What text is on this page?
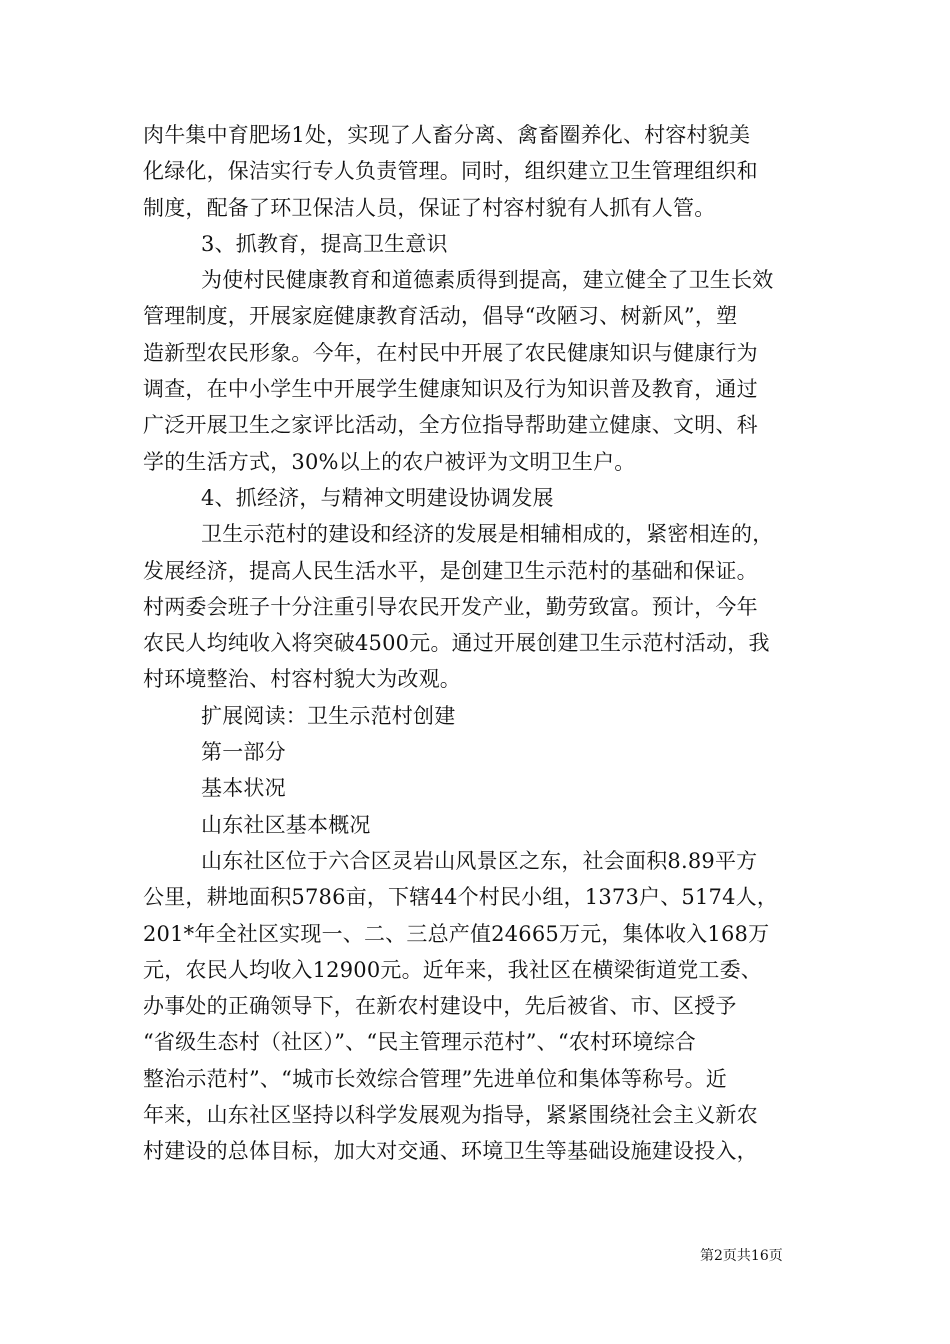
肉牛集中育肥场1处，实现了人畜分离、禽畜圈养化、村容村貌美
化绿化，保洁实行专人负责管理。同时，组织建立卫生管理组织和
制度，配备了环卫保洁人员，保证了村容村貌有人抓有人管。
3、抓教育，提高卫生意识
为使村民健康教育和道德素质得到提高，建立健全了卫生长效
管理制度，开展家庭健康教育活动，倡导“改陋习、树新风”，塑
造新型农民形象。今年，在村民中开展了农民健康知识与健康行为
调查，在中小学生中开展学生健康知识及行为知识普及教育，通过
广泛开展卫生之家评比活动，全方位指导帮助建立健康、文明、科
学的生活方式，30%以上的农户被评为文明卫生户。
4、抓经济，与精神文明建设协调发展
卫生示范村的建设和经济的发展是相辅相成的，紧密相连的，
发展经济，提高人民生活水平，是创建卫生示范村的基础和保证。
村两委会班子十分注重引导农民开发产业，勤劳致富。预计，今年
农民人均纯收入将突破4500元。通过开展创建卫生示范村活动，我
村环境整治、村容村貌大为改观。
扩展阅读：卫生示范村创建
第一部分
基本状况
山东社区基本概况
山东社区位于六合区灵岩山风景区之东，社会面积8.89平方
公里，耕地面积5786亩，下辖44个村民小组，1373户、5174人，
201*年全社区实现一、二、三总产值24665万元，集体收入168万
元，农民人均收入12900元。近年来，我社区在横梁街道党工委、
办事处的正确领导下，在新农村建设中，先后被省、市、区授予
“省级生态村（社区）”、“民主管理示范村”、“农村环境综合
整治示范村”、“城市长效综合管理”先进单位和集体等称号。近
年来，山东社区坚持以科学发展观为指导，紧紧围绕社会主义新农
村建设的总体目标，加大对交通、环境卫生等基础设施建设投入，
第2页共16页
